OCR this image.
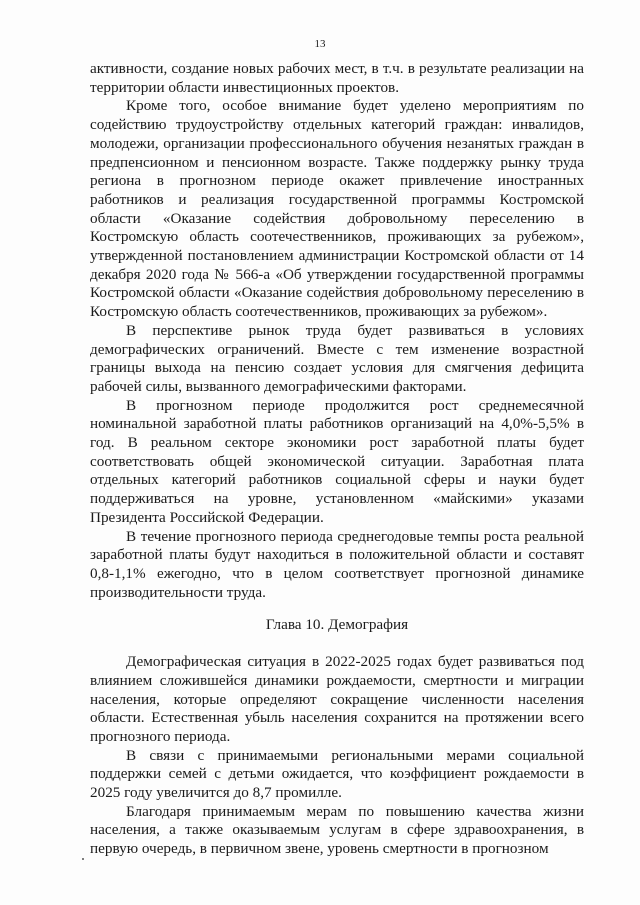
13

активности, создание новых рабочих мест, в т.ч. в результате реализации на территории области инвестиционных проектов.

Кроме того, особое внимание будет уделено мероприятиям по содействию трудоустройству отдельных категорий граждан: инвалидов, молодежи, организации профессионального обучения незанятых граждан в предпенсионном и пенсионном возрасте. Также поддержку рынку труда региона в прогнозном периоде окажет привлечение иностранных работников и реализация государственной программы Костромской области «Оказание содействия добровольному переселению в Костромскую область соотечественников, проживающих за рубежом», утвержденной постановлением администрации Костромской области от 14 декабря 2020 года № 566-а «Об утверждении государственной программы Костромской области «Оказание содействия добровольному переселению в Костромскую область соотечественников, проживающих за рубежом».

В перспективе рынок труда будет развиваться в условиях демографических ограничений. Вместе с тем изменение возрастной границы выхода на пенсию создает условия для смягчения дефицита рабочей силы, вызванного демографическими факторами.

В прогнозном периоде продолжится рост среднемесячной номинальной заработной платы работников организаций на 4,0%-5,5% в год. В реальном секторе экономики рост заработной платы будет соответствовать общей экономической ситуации. Заработная плата отдельных категорий работников социальной сферы и науки будет поддерживаться на уровне, установленном «майскими» указами Президента Российской Федерации.

В течение прогнозного периода среднегодовые темпы роста реальной заработной платы будут находиться в положительной области и составят 0,8-1,1% ежегодно, что в целом соответствует прогнозной динамике производительности труда.

Глава 10. Демография

Демографическая ситуация в 2022-2025 годах будет развиваться под влиянием сложившейся динамики рождаемости, смертности и миграции населения, которые определяют сокращение численности населения области. Естественная убыль населения сохранится на протяжении всего прогнозного периода.

В связи с принимаемыми региональными мерами социальной поддержки семей с детьми ожидается, что коэффициент рождаемости в 2025 году увеличится до 8,7 промилле.

Благодаря принимаемым мерам по повышению качества жизни населения, а также оказываемым услугам в сфере здравоохранения, в первую очередь, в первичном звене, уровень смертности в прогнозном
